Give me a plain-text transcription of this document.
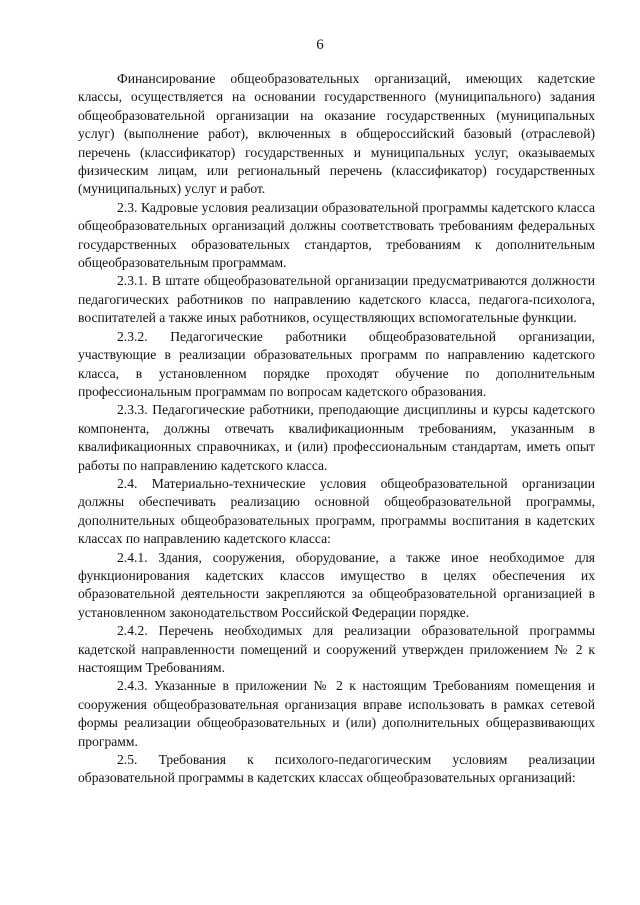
6

Финансирование общеобразовательных организаций, имеющих кадетские классы, осуществляется на основании государственного (муниципального) задания общеобразовательной организации на оказание государственных (муниципальных услуг) (выполнение работ), включенных в общероссийский базовый (отраслевой) перечень (классификатор) государственных и муниципальных услуг, оказываемых физическим лицам, или региональный перечень (классификатор) государственных (муниципальных) услуг и работ.

2.3. Кадровые условия реализации образовательной программы кадетского класса общеобразовательных организаций должны соответствовать требованиям федеральных государственных образовательных стандартов, требованиям к дополнительным общеобразовательным программам.

2.3.1. В штате общеобразовательной организации предусматриваются должности педагогических работников по направлению кадетского класса, педагога-психолога, воспитателей а также иных работников, осуществляющих вспомогательные функции.

2.3.2. Педагогические работники общеобразовательной организации, участвующие в реализации образовательных программ по направлению кадетского класса, в установленном порядке проходят обучение по дополнительным профессиональным программам по вопросам кадетского образования.

2.3.3. Педагогические работники, преподающие дисциплины и курсы кадетского компонента, должны отвечать квалификационным требованиям, указанным в квалификационных справочниках, и (или) профессиональным стандартам, иметь опыт работы по направлению кадетского класса.

2.4. Материально-технические условия общеобразовательной организации должны обеспечивать реализацию основной общеобразовательной программы, дополнительных общеобразовательных программ, программы воспитания в кадетских классах по направлению кадетского класса:

2.4.1. Здания, сооружения, оборудование, а также иное необходимое для функционирования кадетских классов имущество в целях обеспечения их образовательной деятельности закрепляются за общеобразовательной организацией в установленном законодательством Российской Федерации порядке.

2.4.2. Перечень необходимых для реализации образовательной программы кадетской направленности помещений и сооружений утвержден приложением № 2 к настоящим Требованиям.

2.4.3. Указанные в приложении № 2 к настоящим Требованиям помещения и сооружения общеобразовательная организация вправе использовать в рамках сетевой формы реализации общеобразовательных и (или) дополнительных общеразвивающих программ.

2.5. Требования к психолого-педагогическим условиям реализации образовательной программы в кадетских классах общеобразовательных организаций:
